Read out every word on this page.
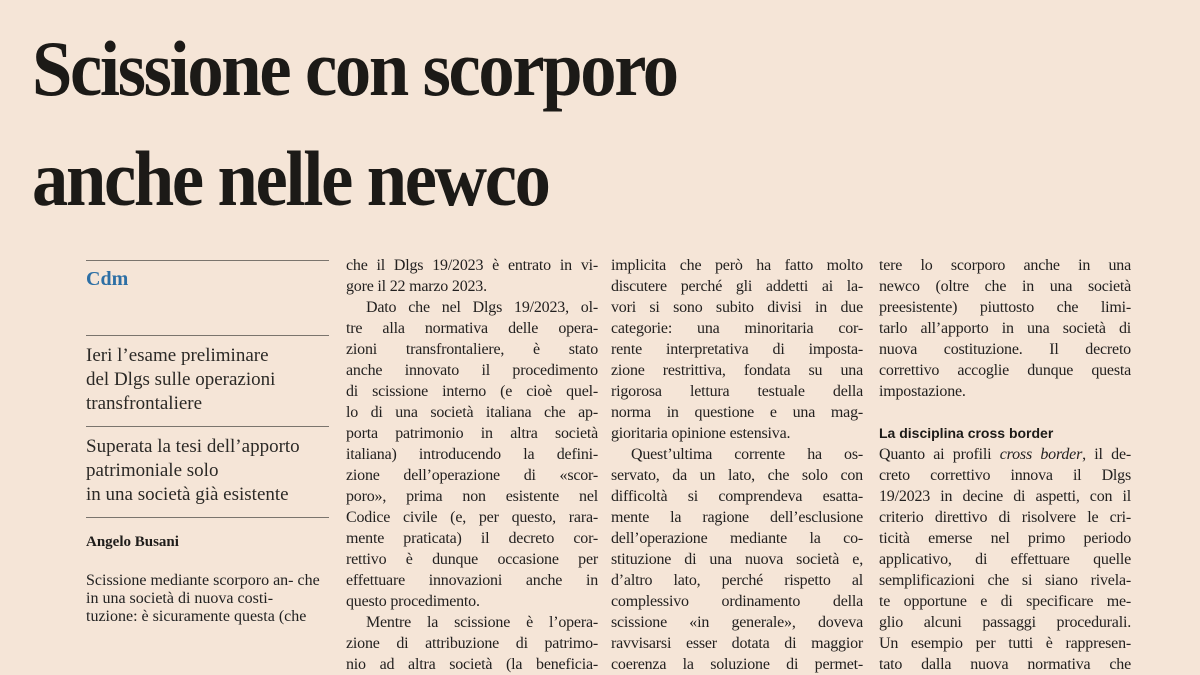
Scissione con scorporo
anche nelle newco
Cdm
Ieri l’esame preliminare
del Dlgs sulle operazioni
transfrontaliere
Superata la tesi dell’apporto
patrimoniale solo
in una società già esistente
Angelo Busani
Scissione mediante scorporo an- che in una società di nuova costi-
tuzione: è sicuramente questa (che
che il Dlgs 19/2023 è entrato in vi-
gore il 22 marzo 2023.
Dato che nel Dlgs 19/2023, ol-
tre alla normativa delle opera-
zioni transfrontaliere, è stato
anche innovato il procedimento
di scissione interno (e cioè quel-
lo di una società italiana che ap-
porta patrimonio in altra società
italiana) introducendo la defini-
zione dell’operazione di «scor-
poro», prima non esistente nel
Codice civile (e, per questo, rara-
mente praticata) il decreto cor-
rettivo è dunque occasione per
effettuare innovazioni anche in
questo procedimento.
Mentre la scissione è l’opera-
zione di attribuzione di patrimo-
nio ad altra società (la beneficia-
implicita che però ha fatto molto
discutere perché gli addetti ai la-
vori si sono subito divisi in due
categorie: una minoritaria cor-
rente interpretativa di imposta-
zione restrittiva, fondata su una
rigorosa lettura testuale della
norma in questione e una mag-
gioritaria opinione estensiva.
Quest’ultima corrente ha os-
servato, da un lato, che solo con
difficoltà si comprendeva esatta-
mente la ragione dell’esclusione
dell’operazione mediante la co-
stituzione di una nuova società e,
d’altro lato, perché rispetto al
complessivo ordinamento della
scissione «in generale», doveva
ravvisarsi esser dotata di maggior
coerenza la soluzione di permet-
tere lo scorporo anche in una
newco (oltre che in una società
preesistente) piuttosto che limi-
tarlo all’apporto in una società di
nuova costituzione. Il decreto
correttivo accoglie dunque questa
impostazione.
La disciplina cross border
Quanto ai profili cross border, il de-
creto correttivo innova il Dlgs
19/2023 in decine di aspetti, con il
criterio direttivo di risolvere le cri-
ticità emerse nel primo periodo
applicativo, di effettuare quelle
semplificazioni che si siano rivela-
te opportune e di specificare me-
glio alcuni passaggi procedurali.
Un esempio per tutti è rappresen-
tato dalla nuova normativa che
